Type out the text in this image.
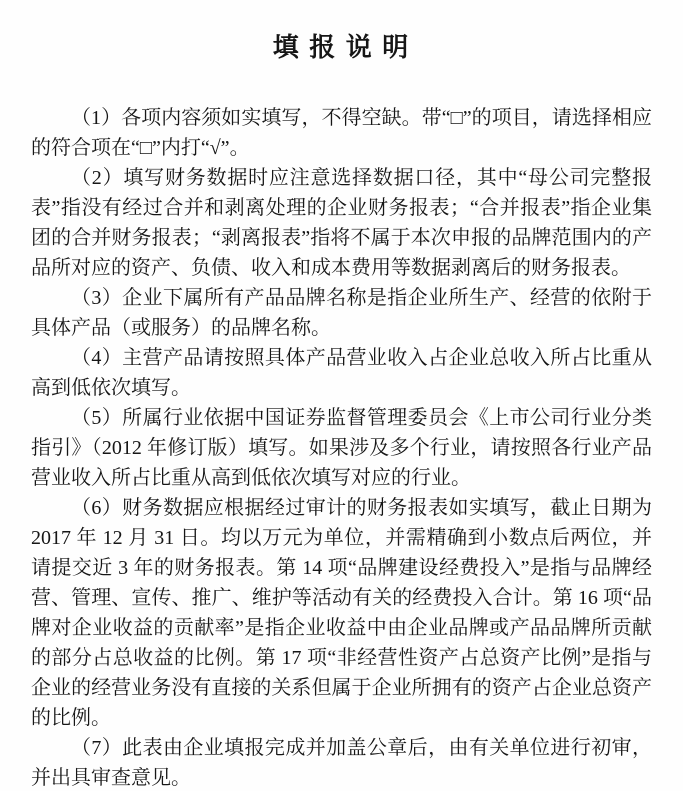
填 报 说 明

（1）各项内容须如实填写，不得空缺。带“□”的项目，请选择相应的符合项在“□”内打“√”。

（2）填写财务数据时应注意选择数据口径，其中“母公司完整报表”指没有经过合并和剥离处理的企业财务报表；“合并报表”指企业集团的合并财务报表；“剥离报表”指将不属于本次申报的品牌范围内的产品所对应的资产、负债、收入和成本费用等数据剥离后的财务报表。

（3）企业下属所有产品品牌名称是指企业所生产、经营的依附于具体产品（或服务）的品牌名称。

（4）主营产品请按照具体产品营业收入占企业总收入所占比重从高到低依次填写。

（5）所属行业依据中国证券监督管理委员会《上市公司行业分类指引》（2012 年修订版）填写。如果涉及多个行业，请按照各行业产品营业收入所占比重从高到低依次填写对应的行业。

（6）财务数据应根据经过审计的财务报表如实填写，截止日期为 2017 年 12 月 31 日。均以万元为单位，并需精确到小数点后两位，并请提交近 3 年的财务报表。第 14 项“品牌建设经费投入”是指与品牌经营、管理、宣传、推广、维护等活动有关的经费投入合计。第 16 项“品牌对企业收益的贡献率”是指企业收益中由企业品牌或产品品牌所贡献的部分占总收益的比例。第 17 项“非经营性资产占总资产比例”是指与企业的经营业务没有直接的关系但属于企业所拥有的资产占企业总资产的比例。

（7）此表由企业填报完成并加盖公章后，由有关单位进行初审，并出具审查意见。
